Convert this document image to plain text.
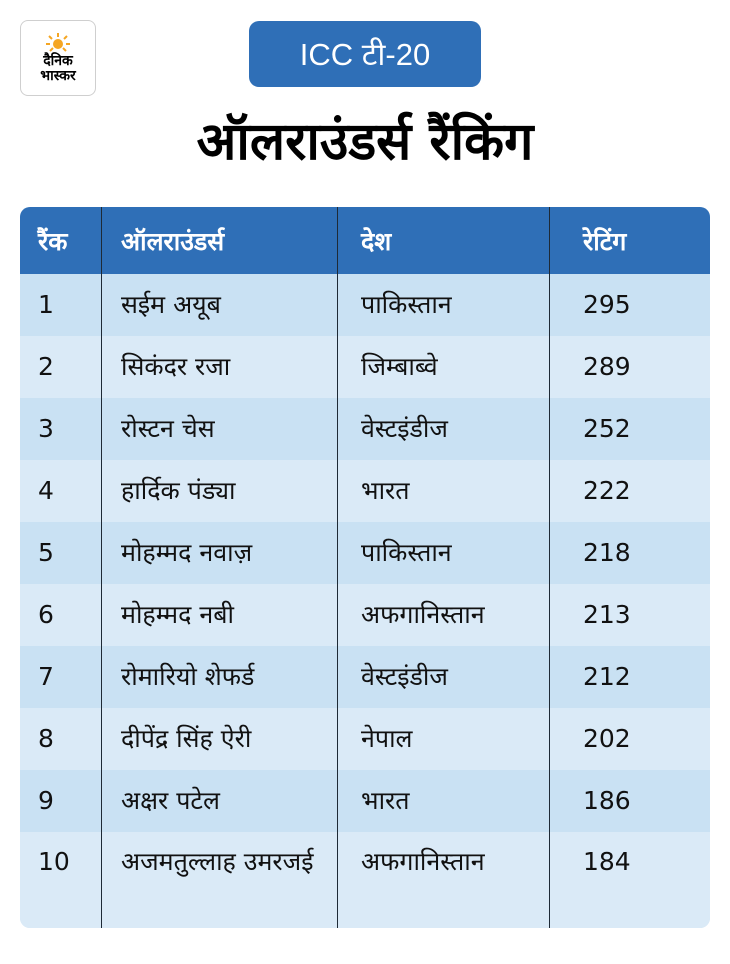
दैनिक
भास्कर
ICC टी-20
ऑलराउंडर्स रैंकिंग
रैंक	ऑलराउंडर्स	देश	रेटिंग
1	सईम अयूब	पाकिस्तान	295
2	सिकंदर रजा	जिम्बाब्वे	289
3	रोस्टन चेस	वेस्टइंडीज	252
4	हार्दिक पंड्या	भारत	222
5	मोहम्मद नवाज़	पाकिस्तान	218
6	मोहम्मद नबी	अफगानिस्तान	213
7	रोमारियो शेफर्ड	वेस्टइंडीज	212
8	दीपेंद्र सिंह ऐरी	नेपाल	202
9	अक्षर पटेल	भारत	186
10	अजमतुल्लाह उमरजई	अफगानिस्तान	184
